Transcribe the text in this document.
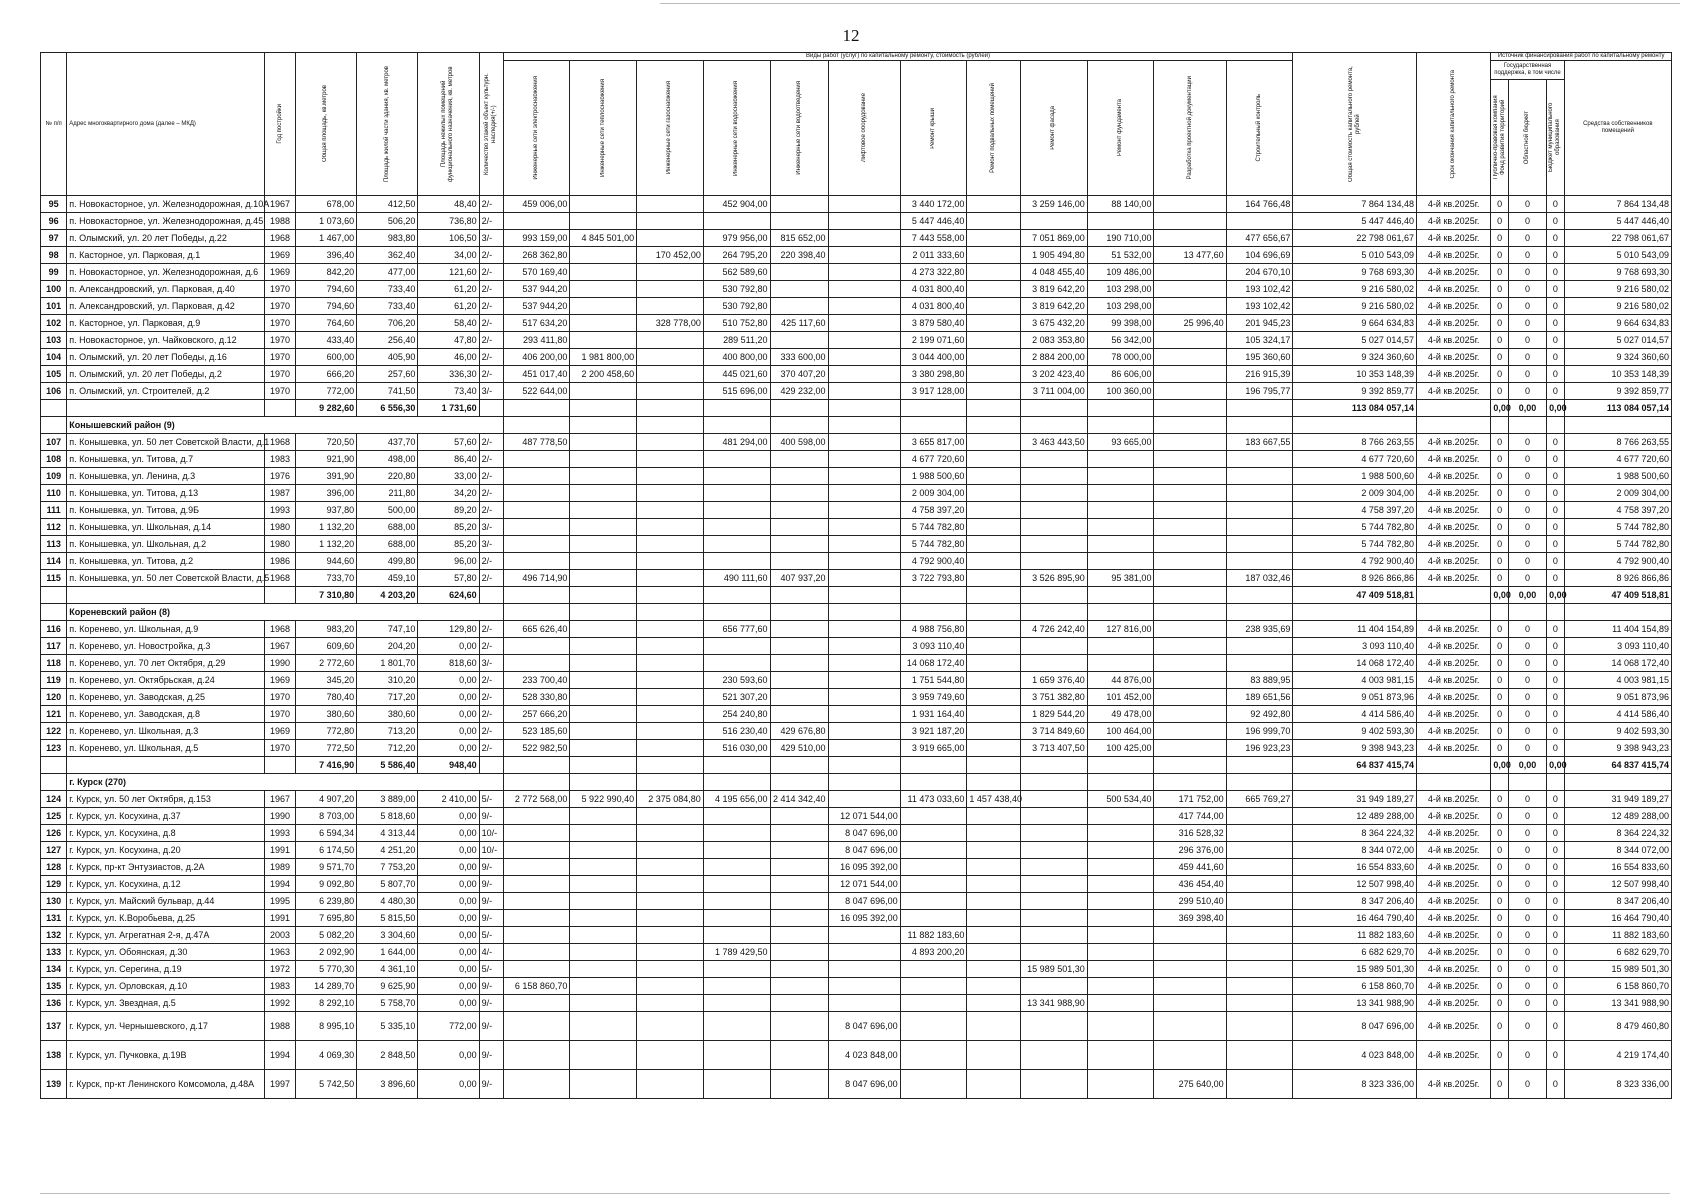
12
№ п/п	Адрес многоквартирного дома (далее – МКД)	Год постройки	Общая площадь, кв.метров	Площадь жилой части здания, кв. метров	Площадь нежилых помещений функционального назначения, кв. метров	Количество этажей объект культурн. наследия(+/-)	Виды работ (услуг) по капитальному ремонту, стоимость (рублей)												Общая стоимость капитального ремонта, рублей	Срок окончания капитального ремонта	Источник финансирования работ по капитальному ремонту			

							Инженерные сети электроснабжения	Инженерные сети теплоснабжения	Инженерные сети газоснабжения	Инженерные сети водоснабжения	Инженерные сети водоотведения	Лифтовое оборудование	Ремонт крыши	Ремонт подвальных помещений	Ремонт фасада	Ремонт фундамента	Разработка проектной документации	Строительный контроль			Государственная поддержка, в том числе			Средства собственников помещений

																					Публично-правовая компания Фонд развития территорий	Областной бюджет	Бюджет муниципального образования	

95	п. Новокасторное, ул. Железнодорожная, д.10А	1967	678,00	412,50	48,40	2/-	459 006,00			452 904,00			3 440 172,00		3 259 146,00	88 140,00		164 766,48	7 864 134,48	4-й кв.2025г.	0	0	0	7 864 134,48
96	п. Новокасторное, ул. Железнодорожная, д.45	1988	1 073,60	506,20	736,80	2/-							5 447 446,40						5 447 446,40	4-й кв.2025г.	0	0	0	5 447 446,40
97	п. Олымский, ул. 20 лет Победы, д.22	1968	1 467,00	983,80	106,50	3/-	993 159,00	4 845 501,00		979 956,00	815 652,00		7 443 558,00		7 051 869,00	190 710,00		477 656,67	22 798 061,67	4-й кв.2025г.	0	0	0	22 798 061,67
98	п. Касторное, ул. Парковая, д.1	1969	396,40	362,40	34,00	2/-	268 362,80		170 452,00	264 795,20	220 398,40		2 011 333,60		1 905 494,80	51 532,00	13 477,60	104 696,69	5 010 543,09	4-й кв.2025г.	0	0	0	5 010 543,09
99	п. Новокасторное, ул. Железнодорожная, д.6	1969	842,20	477,00	121,60	2/-	570 169,40			562 589,60			4 273 322,80		4 048 455,40	109 486,00		204 670,10	9 768 693,30	4-й кв.2025г.	0	0	0	9 768 693,30
100	п. Александровский, ул. Парковая, д.40	1970	794,60	733,40	61,20	2/-	537 944,20			530 792,80			4 031 800,40		3 819 642,20	103 298,00		193 102,42	9 216 580,02	4-й кв.2025г.	0	0	0	9 216 580,02
101	п. Александровский, ул. Парковая, д.42	1970	794,60	733,40	61,20	2/-	537 944,20			530 792,80			4 031 800,40		3 819 642,20	103 298,00		193 102,42	9 216 580,02	4-й кв.2025г.	0	0	0	9 216 580,02
102	п. Касторное, ул. Парковая, д.9	1970	764,60	706,20	58,40	2/-	517 634,20		328 778,00	510 752,80	425 117,60		3 879 580,40		3 675 432,20	99 398,00	25 996,40	201 945,23	9 664 634,83	4-й кв.2025г.	0	0	0	9 664 634,83
103	п. Новокасторное, ул. Чайковского, д.12	1970	433,40	256,40	47,80	2/-	293 411,80			289 511,20			2 199 071,60		2 083 353,80	56 342,00		105 324,17	5 027 014,57	4-й кв.2025г.	0	0	0	5 027 014,57
104	п. Олымский, ул. 20 лет Победы, д.16	1970	600,00	405,90	46,00	2/-	406 200,00	1 981 800,00		400 800,00	333 600,00		3 044 400,00		2 884 200,00	78 000,00		195 360,60	9 324 360,60	4-й кв.2025г.	0	0	0	9 324 360,60
105	п. Олымский, ул. 20 лет Победы, д.2	1970	666,20	257,60	336,30	2/-	451 017,40	2 200 458,60		445 021,60	370 407,20		3 380 298,80		3 202 423,40	86 606,00		216 915,39	10 353 148,39	4-й кв.2025г.	0	0	0	10 353 148,39
106	п. Олымский, ул. Строителей, д.2	1970	772,00	741,50	73,40	3/-	522 644,00			515 696,00	429 232,00		3 917 128,00		3 711 004,00	100 360,00		196 795,77	9 392 859,77	4-й кв.2025г.	0	0	0	9 392 859,77
			9 282,60	6 556,30	1 731,60														113 084 057,14		0,00	0,00	0,00	113 084 057,14
	Конышевский район (9)																							
107	п. Конышевка, ул. 50 лет Советской Власти, д.1	1968	720,50	437,70	57,60	2/-	487 778,50			481 294,00	400 598,00		3 655 817,00		3 463 443,50	93 665,00		183 667,55	8 766 263,55	4-й кв.2025г.	0	0	0	8 766 263,55
108	п. Конышевка, ул. Титова, д.7	1983	921,90	498,00	86,40	2/-							4 677 720,60						4 677 720,60	4-й кв.2025г.	0	0	0	4 677 720,60
109	п. Конышевка, ул. Ленина, д.3	1976	391,90	220,80	33,00	2/-							1 988 500,60						1 988 500,60	4-й кв.2025г.	0	0	0	1 988 500,60
110	п. Конышевка, ул. Титова, д.13	1987	396,00	211,80	34,20	2/-							2 009 304,00						2 009 304,00	4-й кв.2025г.	0	0	0	2 009 304,00
111	п. Конышевка, ул. Титова, д.9Б	1993	937,80	500,00	89,20	2/-							4 758 397,20						4 758 397,20	4-й кв.2025г.	0	0	0	4 758 397,20
112	п. Конышевка, ул. Школьная, д.14	1980	1 132,20	688,00	85,20	3/-							5 744 782,80						5 744 782,80	4-й кв.2025г.	0	0	0	5 744 782,80
113	п. Конышевка, ул. Школьная, д.2	1980	1 132,20	688,00	85,20	3/-							5 744 782,80						5 744 782,80	4-й кв.2025г.	0	0	0	5 744 782,80
114	п. Конышевка, ул. Титова, д.2	1986	944,60	499,80	96,00	2/-							4 792 900,40						4 792 900,40	4-й кв.2025г.	0	0	0	4 792 900,40
115	п. Конышевка, ул. 50 лет Советской Власти, д.5	1968	733,70	459,10	57,80	2/-	496 714,90			490 111,60	407 937,20		3 722 793,80		3 526 895,90	95 381,00		187 032,46	8 926 866,86	4-й кв.2025г.	0	0	0	8 926 866,86
			7 310,80	4 203,20	624,60														47 409 518,81		0,00	0,00	0,00	47 409 518,81
	Кореневский район (8)																							
116	п. Коренево, ул. Школьная, д.9	1968	983,20	747,10	129,80	2/-	665 626,40			656 777,60			4 988 756,80		4 726 242,40	127 816,00		238 935,69	11 404 154,89	4-й кв.2025г.	0	0	0	11 404 154,89
117	п. Коренево, ул. Новостройка, д.3	1967	609,60	204,20	0,00	2/-							3 093 110,40						3 093 110,40	4-й кв.2025г.	0	0	0	3 093 110,40
118	п. Коренево, ул. 70 лет Октября, д.29	1990	2 772,60	1 801,70	818,60	3/-							14 068 172,40						14 068 172,40	4-й кв.2025г.	0	0	0	14 068 172,40
119	п. Коренево, ул. Октябрьская, д.24	1969	345,20	310,20	0,00	2/-	233 700,40			230 593,60			1 751 544,80		1 659 376,40	44 876,00		83 889,95	4 003 981,15	4-й кв.2025г.	0	0	0	4 003 981,15
120	п. Коренево, ул. Заводская, д.25	1970	780,40	717,20	0,00	2/-	528 330,80			521 307,20			3 959 749,60		3 751 382,80	101 452,00		189 651,56	9 051 873,96	4-й кв.2025г.	0	0	0	9 051 873,96
121	п. Коренево, ул. Заводская, д.8	1970	380,60	380,60	0,00	2/-	257 666,20			254 240,80			1 931 164,40		1 829 544,20	49 478,00		92 492,80	4 414 586,40	4-й кв.2025г.	0	0	0	4 414 586,40
122	п. Коренево, ул. Школьная, д.3	1969	772,80	713,20	0,00	2/-	523 185,60			516 230,40	429 676,80		3 921 187,20		3 714 849,60	100 464,00		196 999,70	9 402 593,30	4-й кв.2025г.	0	0	0	9 402 593,30
123	п. Коренево, ул. Школьная, д.5	1970	772,50	712,20	0,00	2/-	522 982,50			516 030,00	429 510,00		3 919 665,00		3 713 407,50	100 425,00		196 923,23	9 398 943,23	4-й кв.2025г.	0	0	0	9 398 943,23
			7 416,90	5 586,40	948,40														64 837 415,74		0,00	0,00	0,00	64 837 415,74
	г. Курск (270)																							
124	г. Курск, ул. 50 лет Октября, д.153	1967	4 907,20	3 889,00	2 410,00	5/-	2 772 568,00	5 922 990,40	2 375 084,80	4 195 656,00	2 414 342,40		11 473 033,60	1 457 438,40		500 534,40	171 752,00	665 769,27	31 949 189,27	4-й кв.2025г.	0	0	0	31 949 189,27
125	г. Курск, ул. Косухина, д.37	1990	8 703,00	5 818,60	0,00	9/-						12 071 544,00					417 744,00		12 489 288,00	4-й кв.2025г.	0	0	0	12 489 288,00
126	г. Курск, ул. Косухина, д.8	1993	6 594,34	4 313,44	0,00	10/-						8 047 696,00					316 528,32		8 364 224,32	4-й кв.2025г.	0	0	0	8 364 224,32
127	г. Курск, ул. Косухина, д.20	1991	6 174,50	4 251,20	0,00	10/-						8 047 696,00					296 376,00		8 344 072,00	4-й кв.2025г.	0	0	0	8 344 072,00
128	г. Курск, пр-кт Энтузиастов, д.2А	1989	9 571,70	7 753,20	0,00	9/-						16 095 392,00					459 441,60		16 554 833,60	4-й кв.2025г.	0	0	0	16 554 833,60
129	г. Курск, ул. Косухина, д.12	1994	9 092,80	5 807,70	0,00	9/-						12 071 544,00					436 454,40		12 507 998,40	4-й кв.2025г.	0	0	0	12 507 998,40
130	г. Курск, ул. Майский бульвар, д.44	1995	6 239,80	4 480,30	0,00	9/-						8 047 696,00					299 510,40		8 347 206,40	4-й кв.2025г.	0	0	0	8 347 206,40
131	г. Курск, ул. К.Воробьева, д.25	1991	7 695,80	5 815,50	0,00	9/-						16 095 392,00					369 398,40		16 464 790,40	4-й кв.2025г.	0	0	0	16 464 790,40
132	г. Курск, ул. Агрегатная 2-я, д.47А	2003	5 082,20	3 304,60	0,00	5/-							11 882 183,60						11 882 183,60	4-й кв.2025г.	0	0	0	11 882 183,60
133	г. Курск, ул. Обоянская, д.30	1963	2 092,90	1 644,00	0,00	4/-				1 789 429,50			4 893 200,20						6 682 629,70	4-й кв.2025г.	0	0	0	6 682 629,70
134	г. Курск, ул. Серегина, д.19	1972	5 770,30	4 361,10	0,00	5/-									15 989 501,30				15 989 501,30	4-й кв.2025г.	0	0	0	15 989 501,30
135	г. Курск, ул. Орловская, д.10	1983	14 289,70	9 625,90	0,00	9/-	6 158 860,70												6 158 860,70	4-й кв.2025г.	0	0	0	6 158 860,70
136	г. Курск, ул. Звездная, д.5	1992	8 292,10	5 758,70	0,00	9/-									13 341 988,90				13 341 988,90	4-й кв.2025г.	0	0	0	13 341 988,90
137	г. Курск, ул. Чернышевского, д.17	1988	8 995,10	5 335,10	772,00	9/-						8 047 696,00							8 047 696,00	4-й кв.2025г.	0	0	0	8 479 460,80
138	г. Курск, ул. Пучковка, д.19В	1994	4 069,30	2 848,50	0,00	9/-						4 023 848,00							4 023 848,00	4-й кв.2025г.	0	0	0	4 219 174,40
139	г. Курск, пр-кт Ленинского Комсомола, д.48А	1997	5 742,50	3 896,60	0,00	9/-						8 047 696,00					275 640,00		8 323 336,00	4-й кв.2025г.	0	0	0	8 323 336,00
